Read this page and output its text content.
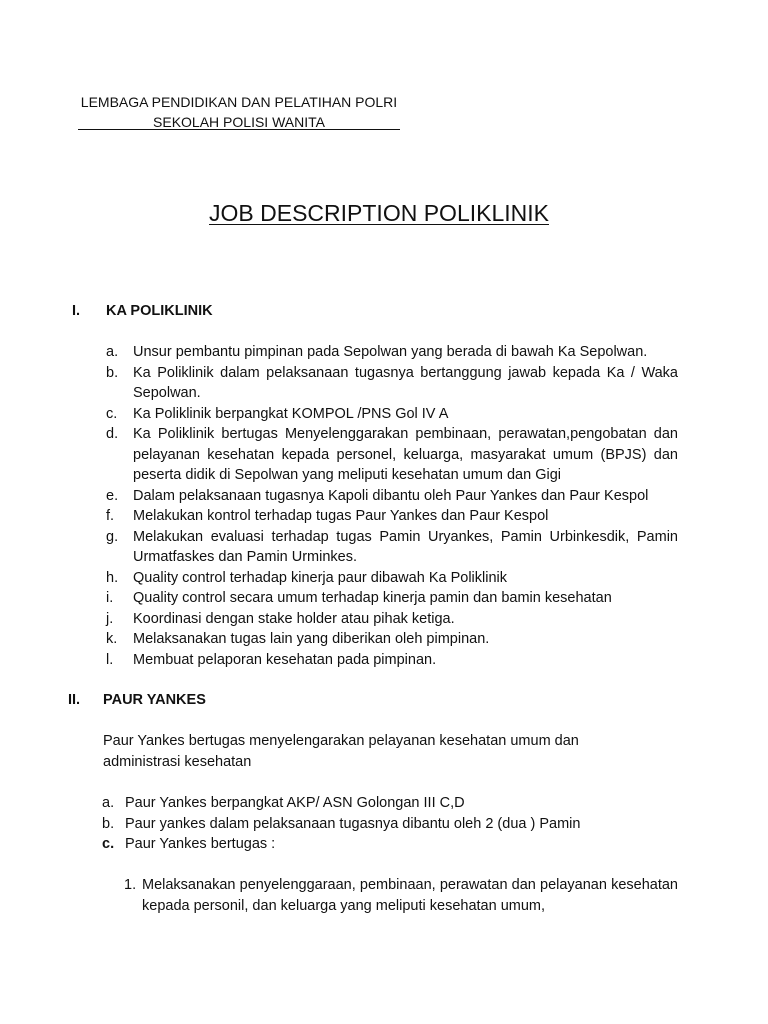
LEMBAGA PENDIDIKAN DAN PELATIHAN POLRI
SEKOLAH POLISI WANITA
JOB DESCRIPTION POLIKLINIK
I. KA POLIKLINIK
a. Unsur pembantu pimpinan pada Sepolwan yang berada di bawah Ka Sepolwan.
b. Ka Poliklinik dalam pelaksanaan tugasnya bertanggung jawab kepada Ka / Waka Sepolwan.
c. Ka Poliklinik berpangkat KOMPOL /PNS Gol IV A
d. Ka Poliklinik bertugas Menyelenggarakan pembinaan, perawatan,pengobatan dan pelayanan kesehatan kepada personel, keluarga, masyarakat umum (BPJS) dan peserta didik di Sepolwan yang meliputi kesehatan umum dan Gigi
e. Dalam pelaksanaan tugasnya Kapoli dibantu oleh Paur Yankes dan Paur Kespol
f. Melakukan kontrol terhadap tugas Paur Yankes dan Paur Kespol
g. Melakukan evaluasi terhadap tugas Pamin Uryankes, Pamin Urbinkesdik, Pamin Urmatfaskes dan Pamin Urminkes.
h. Quality control terhadap kinerja paur dibawah Ka Poliklinik
i. Quality control secara umum terhadap kinerja pamin dan bamin kesehatan
j. Koordinasi dengan stake holder atau pihak ketiga.
k. Melaksanakan tugas lain yang diberikan oleh pimpinan.
l. Membuat pelaporan kesehatan pada pimpinan.
II. PAUR YANKES
Paur Yankes bertugas menyelengarakan pelayanan kesehatan umum dan administrasi kesehatan
a. Paur Yankes berpangkat AKP/ ASN Golongan III C,D
b. Paur yankes dalam pelaksanaan tugasnya dibantu oleh 2 (dua ) Pamin
c. Paur Yankes bertugas :
1. Melaksanakan penyelenggaraan, pembinaan, perawatan dan pelayanan kesehatan kepada personil, dan keluarga yang meliputi kesehatan umum,
